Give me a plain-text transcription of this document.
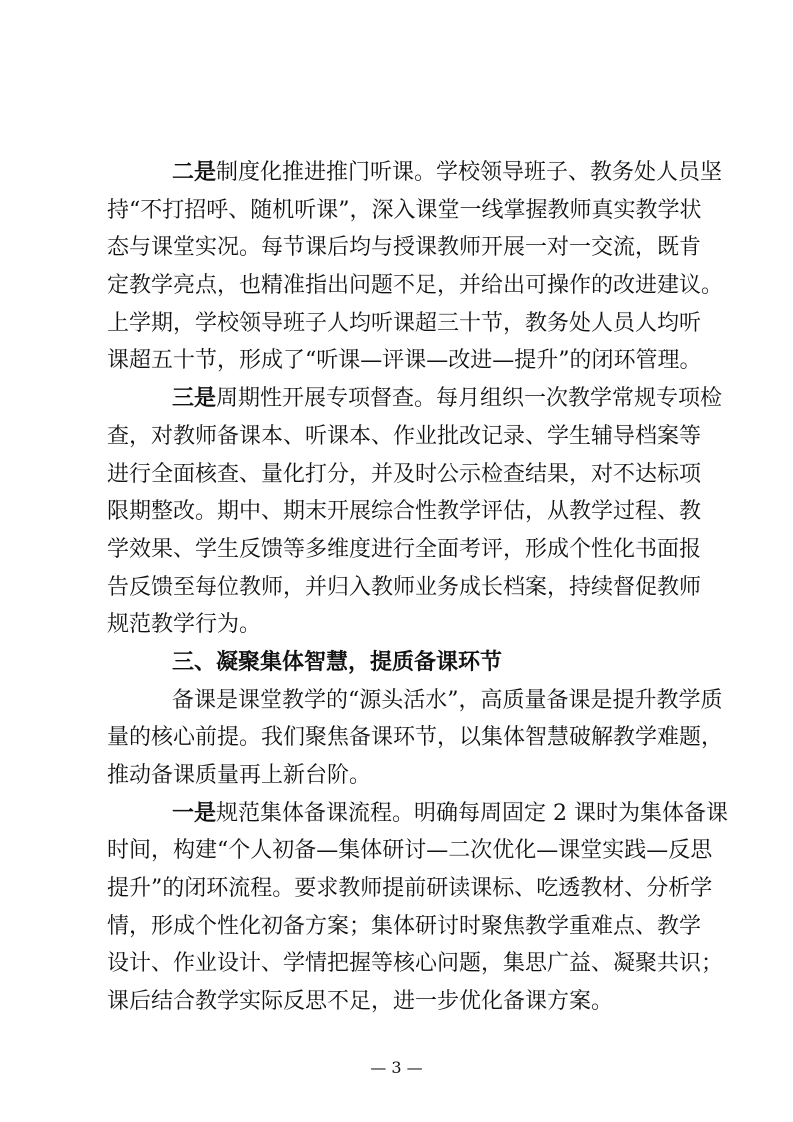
二是制度化推进推门听课。学校领导班子、教务处人员坚
持“不打招呼、随机听课”，深入课堂一线掌握教师真实教学状
态与课堂实况。每节课后均与授课教师开展一对一交流，既肯
定教学亮点，也精准指出问题不足，并给出可操作的改进建议。
上学期，学校领导班子人均听课超三十节，教务处人员人均听
课超五十节，形成了“听课—评课—改进—提升”的闭环管理。
三是周期性开展专项督查。每月组织一次教学常规专项检
查，对教师备课本、听课本、作业批改记录、学生辅导档案等
进行全面核查、量化打分，并及时公示检查结果，对不达标项
限期整改。期中、期末开展综合性教学评估，从教学过程、教
学效果、学生反馈等多维度进行全面考评，形成个性化书面报
告反馈至每位教师，并归入教师业务成长档案，持续督促教师
规范教学行为。
三、凝聚集体智慧，提质备课环节
备课是课堂教学的“源头活水”，高质量备课是提升教学质
量的核心前提。我们聚焦备课环节，以集体智慧破解教学难题，
推动备课质量再上新台阶。
一是规范集体备课流程。明确每周固定 2 课时为集体备课
时间，构建“个人初备—集体研讨—二次优化—课堂实践—反思
提升”的闭环流程。要求教师提前研读课标、吃透教材、分析学
情，形成个性化初备方案；集体研讨时聚焦教学重难点、教学
设计、作业设计、学情把握等核心问题，集思广益、凝聚共识；
课后结合教学实际反思不足，进一步优化备课方案。
— 3 —
